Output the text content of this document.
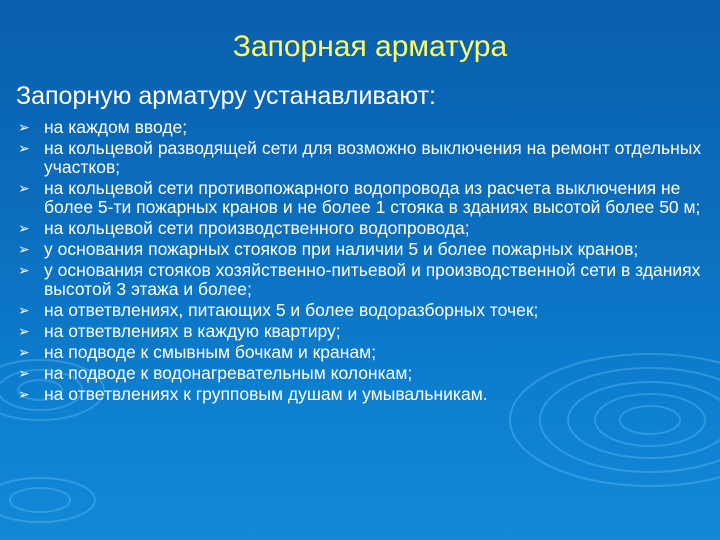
Запорная арматура
Запорную арматуру устанавливают:
➢ на каждом вводе;
➢ на кольцевой разводящей сети для возможно выключения на ремонт отдельных участков;
➢ на кольцевой сети противопожарного водопровода из расчета выключения не более 5-ти пожарных кранов и не более 1 стояка в зданиях высотой более 50 м;
➢ на кольцевой сети производственного водопровода;
➢ у основания пожарных стояков при наличии 5 и более пожарных кранов;
➢ у основания стояков хозяйственно-питьевой и производственной сети в зданиях высотой 3 этажа и более;
➢ на ответвлениях, питающих 5 и более водоразборных точек;
➢ на ответвлениях в каждую квартиру;
➢ на подводе к смывным бочкам и кранам;
➢ на подводе к водонагревательным колонкам;
➢ на ответвлениях к групповым душам и умывальникам.
